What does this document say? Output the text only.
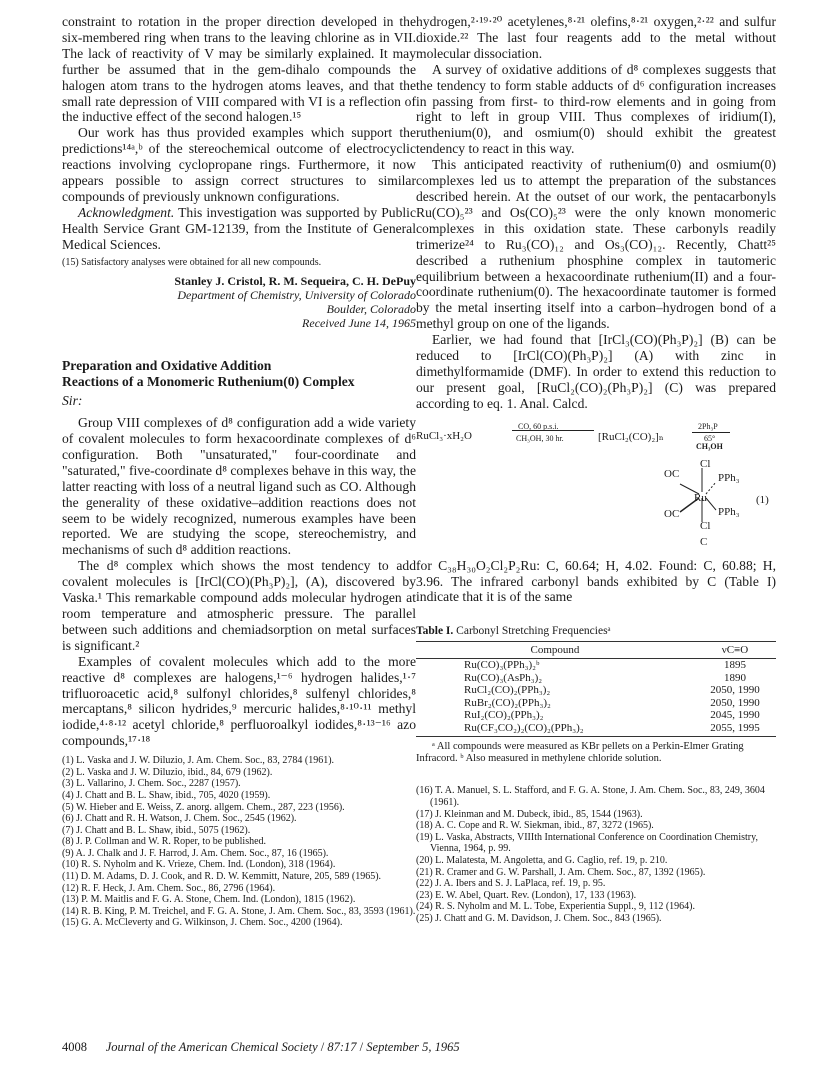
constraint to rotation in the proper direction developed in the six-membered ring when trans to the leaving chlorine as in VII. The lack of reactivity of V may be similarly explained. It may further be assumed that in the gem-dihalo compounds the halogen atom trans to the hydrogen atoms leaves, and that the small rate depression of VIII compared with VI is a reflection of the inductive effect of the second halogen.¹⁵

Our work has thus provided examples which support the predictions¹⁴ᵃ,ᵇ of the stereochemical outcome of electrocyclic reactions involving cyclopropane rings. Furthermore, it now appears possible to assign correct structures to similar compounds of previously unknown configurations.

Acknowledgment. This investigation was supported by Public Health Service Grant GM-12139, from the Institute of General Medical Sciences.

(15) Satisfactory analyses were obtained for all new compounds.

Stanley J. Cristol, R. M. Sequeira, C. H. DePuy
Department of Chemistry, University of Colorado
Boulder, Colorado
Received June 14, 1965
Preparation and Oxidative Addition
Reactions of a Monomeric Ruthenium(0) Complex

Sir:

Group VIII complexes of d⁸ configuration add a wide variety of covalent molecules to form hexacoordinate complexes of d⁶ configuration. Both "unsaturated," four-coordinate and "saturated," five-coordinate d⁸ complexes behave in this way, the latter reacting with loss of a neutral ligand such as CO. Although the generality of these oxidative–addition reactions does not seem to be widely recognized, numerous examples have been reported. We are studying the scope, stereochemistry, and mechanisms of such d⁸ addition reactions.

The d⁸ complex which shows the most tendency to add covalent molecules is [IrCl(CO)(Ph₃P)₂], (A), discovered by Vaska.¹ This remarkable compound adds molecular hydrogen at room temperature and atmospheric pressure. The parallel between such additions and chemiadsorption on metal surfaces is significant.²

Examples of covalent molecules which add to the more reactive d⁸ complexes are halogens,¹⁻⁶ hydrogen halides,¹·⁷ trifluoroacetic acid,⁸ sulfonyl chlorides,⁸ sulfenyl chlorides,⁸ mercaptans,⁸ silicon hydrides,⁹ mercuric halides,⁸·¹⁰·¹¹ methyl iodide,⁴·⁸·¹² acetyl chloride,⁸ perfluoroalkyl iodides,⁸·¹³⁻¹⁶ azo compounds,¹⁷·¹⁸

(1) L. Vaska and J. W. Diluzio, J. Am. Chem. Soc., 83, 2784 (1961).

(2) L. Vaska and J. W. Diluzio, ibid., 84, 679 (1962).

(3) L. Vallarino, J. Chem. Soc., 2287 (1957).

(4) J. Chatt and B. L. Shaw, ibid., 705, 4020 (1959).

(5) W. Hieber and E. Weiss, Z. anorg. allgem. Chem., 287, 223 (1956).

(6) J. Chatt and R. H. Watson, J. Chem. Soc., 2545 (1962).

(7) J. Chatt and B. L. Shaw, ibid., 5075 (1962).

(8) J. P. Collman and W. R. Roper, to be published.

(9) A. J. Chalk and J. F. Harrod, J. Am. Chem. Soc., 87, 16 (1965).

(10) R. S. Nyholm and K. Vrieze, Chem. Ind. (London), 318 (1964).

(11) D. M. Adams, D. J. Cook, and R. D. W. Kemmitt, Nature, 205, 589 (1965).

(12) R. F. Heck, J. Am. Chem. Soc., 86, 2796 (1964).

(13) P. M. Maitlis and F. G. A. Stone, Chem. Ind. (London), 1815 (1962).

(14) R. B. King, P. M. Treichel, and F. G. A. Stone, J. Am. Chem. Soc., 83, 3593 (1961).

(15) G. A. McCleverty and G. Wilkinson, J. Chem. Soc., 4200 (1964).

hydrogen,²·¹⁹·²⁰ acetylenes,⁸·²¹ olefins,⁸·²¹ oxygen,²·²² and sulfur dioxide.²² The last four reagents add to the metal without molecular dissociation.

A survey of oxidative additions of d⁸ complexes suggests that the tendency to form stable adducts of d⁶ configuration increases in passing from first- to third-row elements and in going from right to left in group VIII. Thus complexes of iridium(I), ruthenium(0), and osmium(0) should exhibit the greatest tendency to react in this way.

This anticipated reactivity of ruthenium(0) and osmium(0) complexes led us to attempt the preparation of the substances described herein. At the outset of our work, the pentacarbonyls Ru(CO)₅²³ and Os(CO)₅²³ were the only known monomeric complexes in this oxidation state. These carbonyls readily trimerize²⁴ to Ru₃(CO)₁₂ and Os₃(CO)₁₂. Recently, Chatt²⁵ described a ruthenium phosphine complex in tautomeric equilibrium between a hexacoordinate ruthenium(II) and a four-coordinate ruthenium(0). The hexacoordinate tautomer is formed by the metal inserting itself into a carbon–hydrogen bond of a methyl group on one of the ligands.

Earlier, we had found that [IrCl₃(CO)(Ph₃P)₂] (B) can be reduced to [IrCl(CO)(Ph₃P)₂] (A) with zinc in dimethylformamide (DMF). In order to extend this reduction to our present goal, [RuCl₂(CO)₂(Ph₃P)₂] (C) was prepared according to eq. 1. Anal. Calcd.

RuCl₃·xH₂O
CO, 60 p.s.i.
CH₃OH, 30 hr.	[RuCl₂(CO)₂]ₙ
2Ph₃P
65°
CH₃OH
Cl
OC	PPh₃
Ru	(1)
OC	PPh₃
Cl
C

for C₃₈H₃₀O₂Cl₂P₂Ru: C, 60.64; H, 4.02. Found: C, 60.88; H, 3.96. The infrared carbonyl bands exhibited by C (Table I) indicate that it is of the same

Table I. Carbonyl Stretching Frequenciesᵃ
Compound	νC≡O
Ru(CO)₃(PPh₃)₂ᵇ	1895
Ru(CO)₃(AsPh₃)₂	1890
RuCl₂(CO)₂(PPh₃)₂	2050, 1990
RuBr₂(CO)₂(PPh₃)₂	2050, 1990
RuI₂(CO)₂(PPh₃)₂	2045, 1990
Ru(CF₃CO₂)₂(CO)₂(PPh₃)₂	2055, 1995

ᵃ All compounds were measured as KBr pellets on a Perkin-Elmer Grating Infracord. ᵇ Also measured in methylene chloride solution.

(16) T. A. Manuel, S. L. Stafford, and F. G. A. Stone, J. Am. Chem. Soc., 83, 249, 3604 (1961).

(17) J. Kleinman and M. Dubeck, ibid., 85, 1544 (1963).

(18) A. C. Cope and R. W. Siekman, ibid., 87, 3272 (1965).

(19) L. Vaska, Abstracts, VIIIth International Conference on Coordination Chemistry, Vienna, 1964, p. 99.

(20) L. Malatesta, M. Angoletta, and G. Caglio, ref. 19, p. 210.

(21) R. Cramer and G. W. Parshall, J. Am. Chem. Soc., 87, 1392 (1965).

(22) J. A. Ibers and S. J. LaPlaca, ref. 19, p. 95.

(23) E. W. Abel, Quart. Rev. (London), 17, 133 (1963).

(24) R. S. Nyholm and M. L. Tobe, Experientia Suppl., 9, 112 (1964).

(25) J. Chatt and G. M. Davidson, J. Chem. Soc., 843 (1965).

4008 Journal of the American Chemical Society / 87:17 / September 5, 1965
